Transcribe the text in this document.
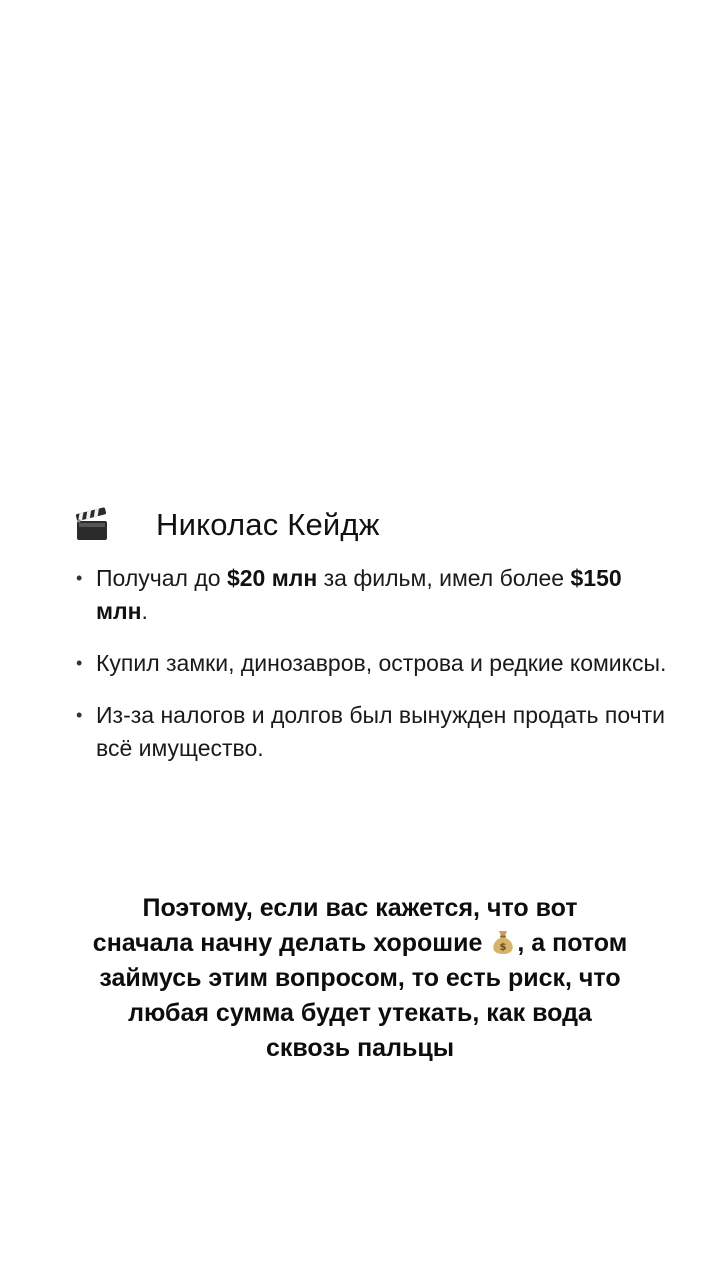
Николас Кейдж
• Получал до $20 млн за фильм, имел более $150 млн.
• Купил замки, динозавров, острова и редкие комиксы.
• Из-за налогов и долгов был вынужден продать почти всё имущество.

Поэтому, если вас кажется, что вот сначала начну делать хорошие $ , а потом займусь этим вопросом, то есть риск, что любая сумма будет утекать, как вода сквозь пальцы
